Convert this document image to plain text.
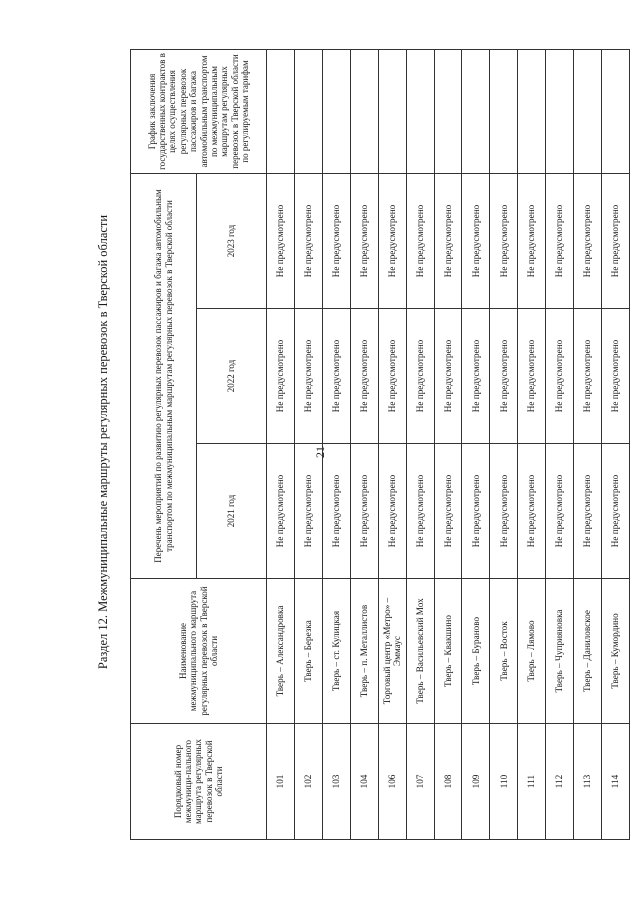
21
Раздел 12. Межмуниципальные маршруты регулярных перевозок в Тверской области
Порядковый номер межмуници-пального маршрута регулярных перевозок в Тверской области	Наименование межмуниципального маршрута регулярных перевозок в Тверской области	Перечень мероприятий по развитию регулярных перевозок пассажиров и багажа автомобильным транспортом по межмуниципальным маршрутам регулярных перевозок в Тверской области			График заключения государственных контрактов в целях осуществления регулярных перевозок пассажиров и багажа автомобильным транспортом по межмуниципальным маршрутам регулярных перевозок в Тверской области по регулируемым тарифам
		2021 год	2022 год	2023 год	
101	Тверь – Александровка	Не предусмотрено	Не предусмотрено	Не предусмотрено	
102	Тверь – Березка	Не предусмотрено	Не предусмотрено	Не предусмотрено	
103	Тверь – ст. Кулицкая	Не предусмотрено	Не предусмотрено	Не предусмотрено	
104	Тверь – п. Металлистов	Не предусмотрено	Не предусмотрено	Не предусмотрено	
106	Торговый центр «Метро» – Эммаус	Не предусмотрено	Не предусмотрено	Не предусмотрено	
107	Тверь – Васильевский Мох	Не предусмотрено	Не предусмотрено	Не предусмотрено	
108	Тверь – Квакшино	Не предусмотрено	Не предусмотрено	Не предусмотрено	
109	Тверь – Бураново	Не предусмотрено	Не предусмотрено	Не предусмотрено	
110	Тверь – Восток	Не предусмотрено	Не предусмотрено	Не предусмотрено	
111	Тверь – Лямово	Не предусмотрено	Не предусмотрено	Не предусмотрено	
112	Тверь – Чуприяновка	Не предусмотрено	Не предусмотрено	Не предусмотрено	
113	Тверь – Даниловское	Не предусмотрено	Не предусмотрено	Не предусмотрено	
114	Тверь – Кумордино	Не предусмотрено	Не предусмотрено	Не предусмотрено	
